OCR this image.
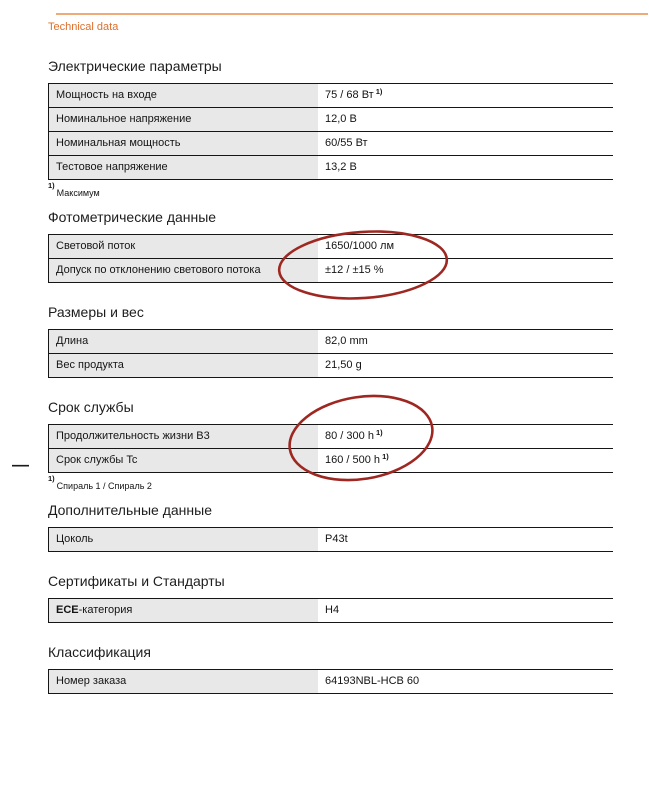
Technical data
Электрические параметры
Мощность на входе	75 / 68 Вт $^{1)}$
Номинальное напряжение	12,0 В
Номинальная мощность	60/55 Вт
Тестовое напряжение	13,2 В
$^{1)}$Максимум
Фотометрические данные
Световой поток	1650/1000 лм
Допуск по отклонению светового потока	±12 / ±15 %
Размеры и вес
Длина	82,0 mm
Вес продукта	21,50 g
Срок службы
Продолжительность жизни B3	80 / 300 h $^{1)}$
Срок службы Tc	160 / 500 h $^{1)}$
$^{1)}$Спираль 1 / Спираль 2
Дополнительные данные
Цоколь	P43t
Сертификаты и Стандарты
ECE -категория	H4
Классификация
Номер заказа	64193NBL-HCB 60
—
